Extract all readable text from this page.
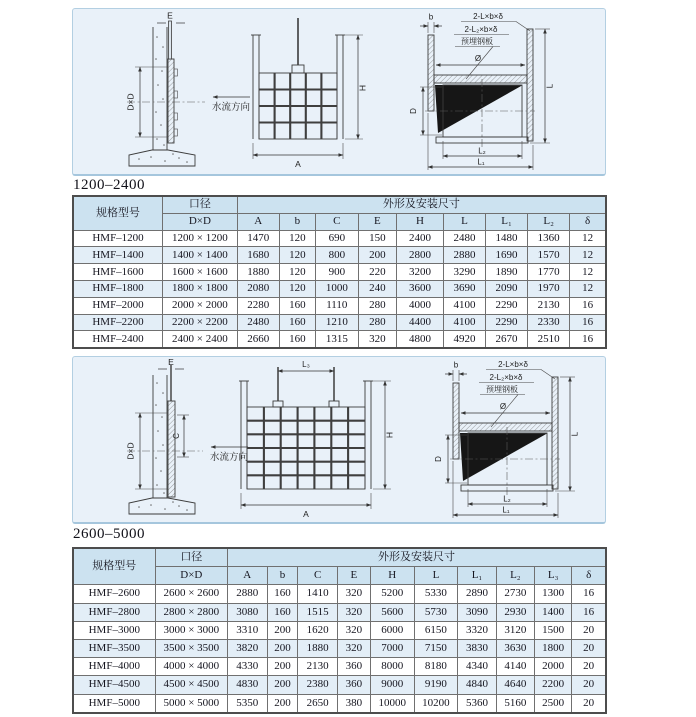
E
D×D	水流方向
H
A
b	2-L×b×δ
2-L₂×b×δ
预埋钢板
Ø
D
L
L₂
L₁
1200–2400
规格型号	口径	外形及安装尺寸								
	D×D	A	b	C	E	H	L	L₁	L₂	δ
HMF–1200	1200 × 1200	1470	120	690	150	2400	2480	1480	1360	12
HMF–1400	1400 × 1400	1680	120	800	200	2800	2880	1690	1570	12
HMF–1600	1600 × 1600	1880	120	900	220	3200	3290	1890	1770	12
HMF–1800	1800 × 1800	2080	120	1000	240	3600	3690	2090	1970	12
HMF–2000	2000 × 2000	2280	160	1110	280	4000	4100	2290	2130	16
HMF–2200	2200 × 2200	2480	160	1210	280	4400	4100	2290	2330	16
HMF–2400	2400 × 2400	2660	160	1315	320	4800	4920	2670	2510	16
E
D×D
C
水流方向
L₃
H
A
b	2-L×b×δ
2-L₂×b×δ
预埋钢板
Ø
D
L
L₂
L₁
2600–5000
规格型号	口径	外形及安装尺寸									
	D×D	A	b	C	E	H	L	L₁	L₂	L₃	δ
HMF–2600	2600 × 2600	2880	160	1410	320	5200	5330	2890	2730	1300	16
HMF–2800	2800 × 2800	3080	160	1515	320	5600	5730	3090	2930	1400	16
HMF–3000	3000 × 3000	3310	200	1620	320	6000	6150	3320	3120	1500	20
HMF–3500	3500 × 3500	3820	200	1880	320	7000	7150	3830	3630	1800	20
HMF–4000	4000 × 4000	4330	200	2130	360	8000	8180	4340	4140	2000	20
HMF–4500	4500 × 4500	4830	200	2380	360	9000	9190	4840	4640	2200	20
HMF–5000	5000 × 5000	5350	200	2650	380	10000	10200	5360	5160	2500	20
